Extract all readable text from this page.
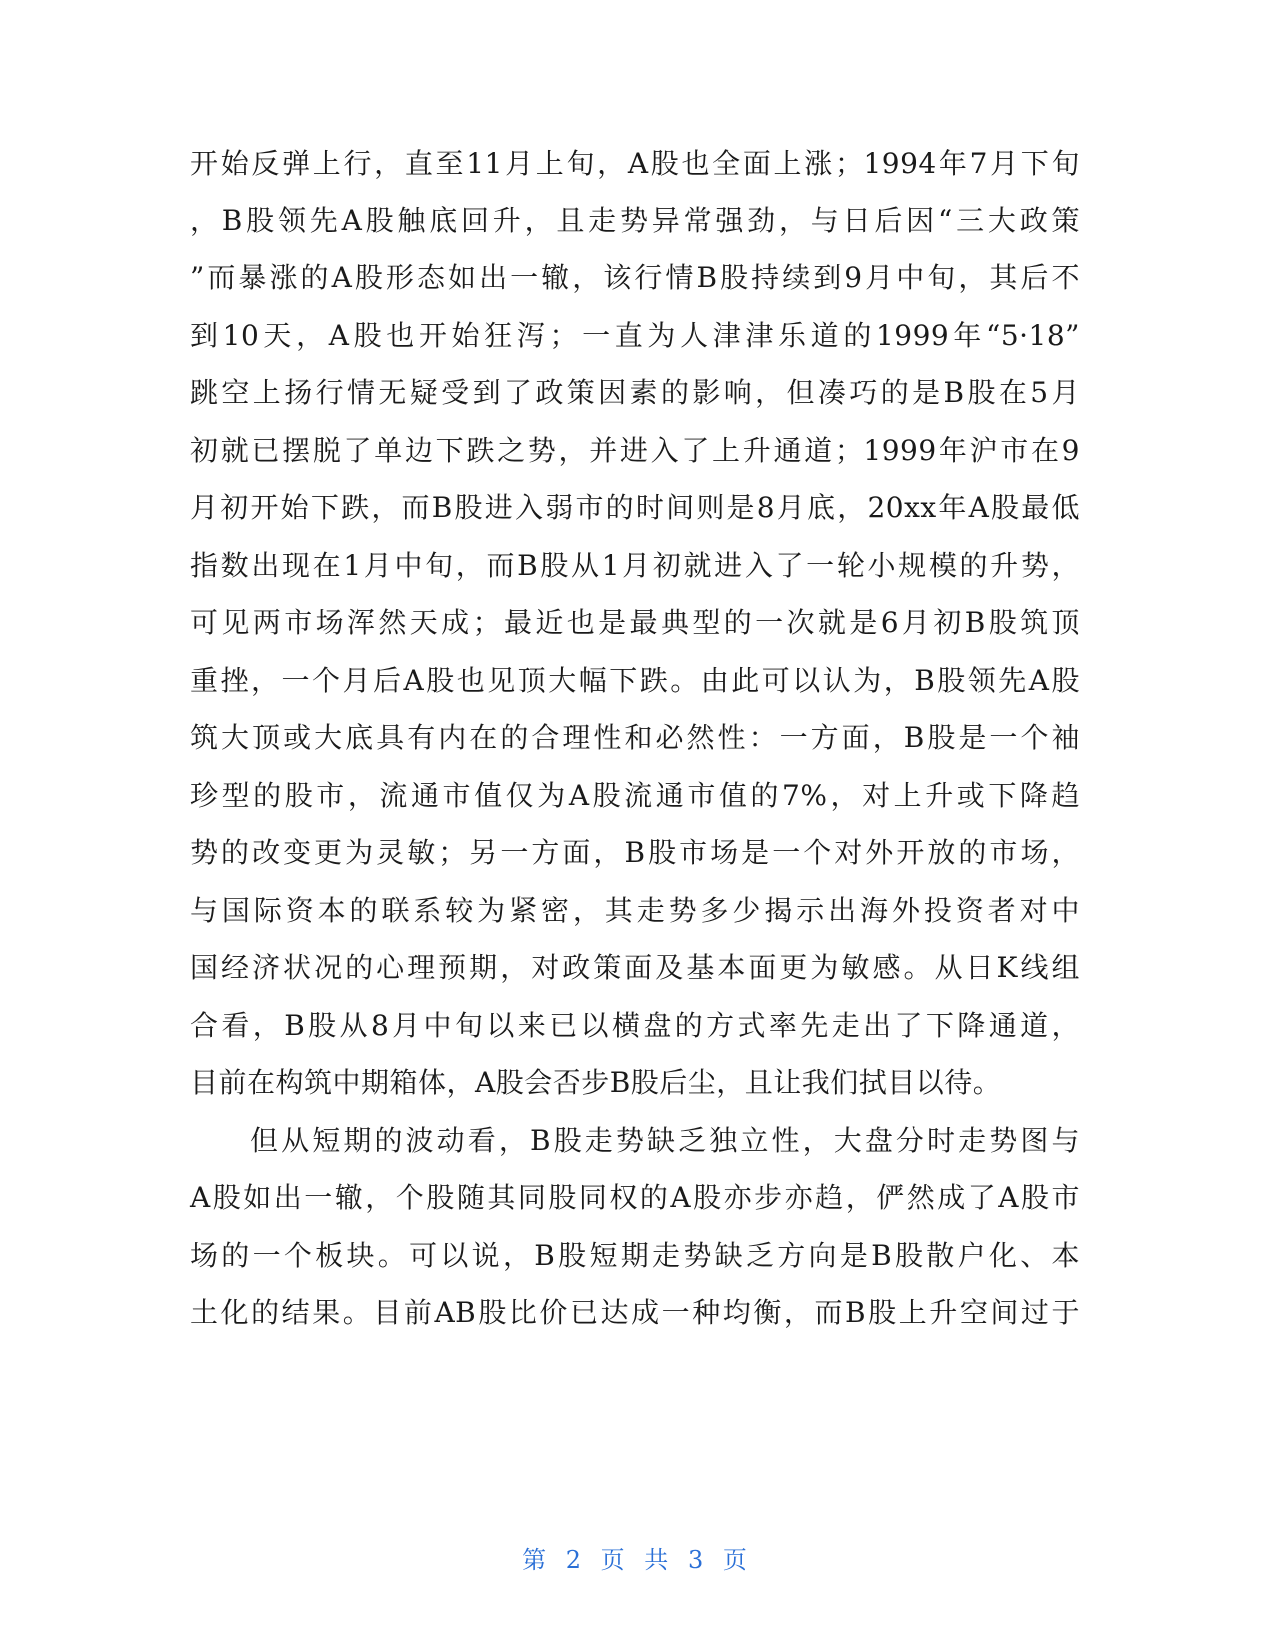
开始反弹上行，直至11月上旬，A股也全面上涨；1994年7月下旬
，B股领先A股触底回升，且走势异常强劲，与日后因“三大政策
”而暴涨的A股形态如出一辙，该行情B股持续到9月中旬，其后不
到10天，A股也开始狂泻；一直为人津津乐道的1999年“5·18”
跳空上扬行情无疑受到了政策因素的影响，但凑巧的是B股在5月
初就已摆脱了单边下跌之势，并进入了上升通道；1999年沪市在9
月初开始下跌，而B股进入弱市的时间则是8月底，20xx年A股最低
指数出现在1月中旬，而B股从1月初就进入了一轮小规模的升势，
可见两市场浑然天成；最近也是最典型的一次就是6月初B股筑顶
重挫，一个月后A股也见顶大幅下跌。由此可以认为，B股领先A股
筑大顶或大底具有内在的合理性和必然性：一方面，B股是一个袖
珍型的股市，流通市值仅为A股流通市值的7%，对上升或下降趋
势的改变更为灵敏；另一方面，B股市场是一个对外开放的市场，
与国际资本的联系较为紧密，其走势多少揭示出海外投资者对中
国经济状况的心理预期，对政策面及基本面更为敏感。从日K线组
合看，B股从8月中旬以来已以横盘的方式率先走出了下降通道，
目前在构筑中期箱体，A股会否步B股后尘，且让我们拭目以待。
但从短期的波动看，B股走势缺乏独立性，大盘分时走势图与
A股如出一辙，个股随其同股同权的A股亦步亦趋，俨然成了A股市
场的一个板块。可以说，B股短期走势缺乏方向是B股散户化、本
土化的结果。目前AB股比价已达成一种均衡，而B股上升空间过于
第 2 页 共 3 页
